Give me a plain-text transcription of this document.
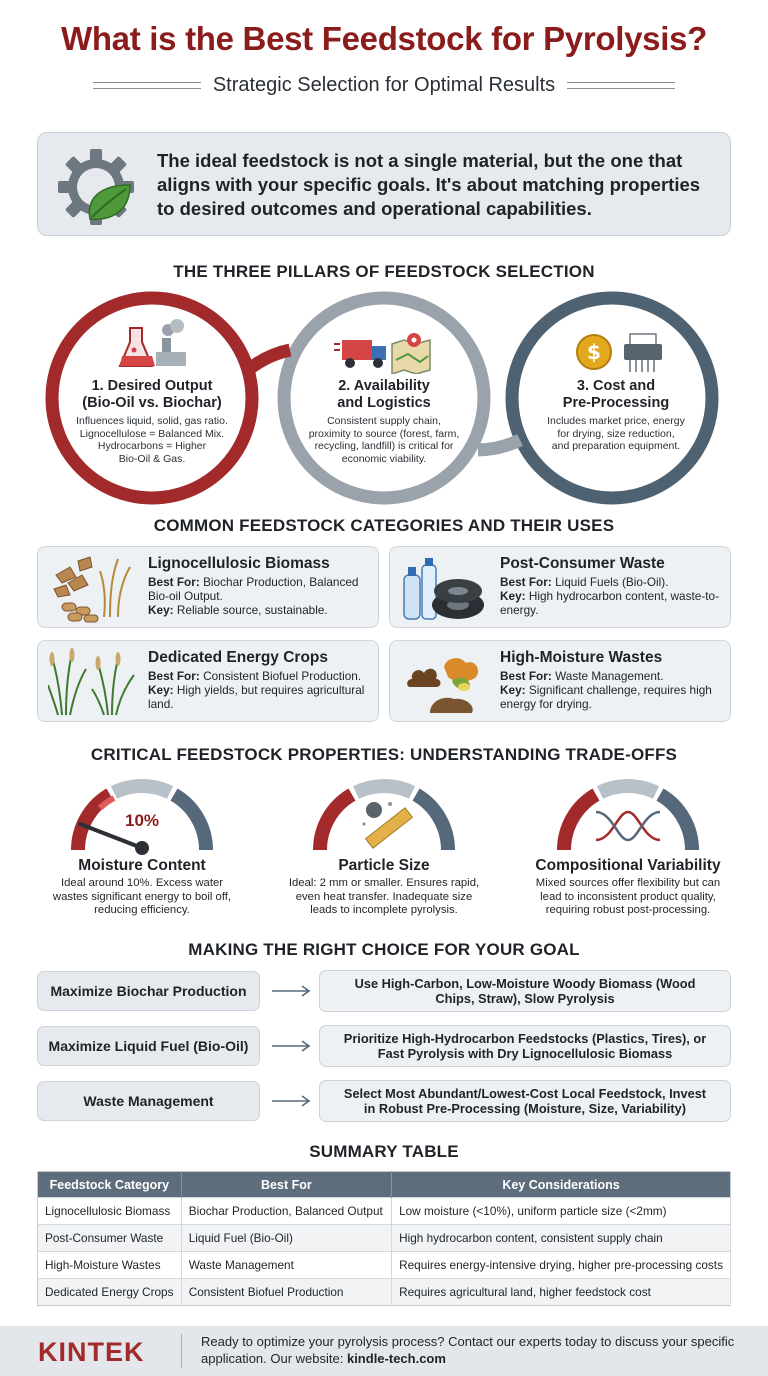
What is the Best Feedstock for Pyrolysis?
Strategic Selection for Optimal Results
The ideal feedstock is not a single material, but the one that aligns with your specific goals. It's about matching properties to desired outcomes and operational capabilities.
THE THREE PILLARS OF FEEDSTOCK SELECTION
$
1. Desired Output
(Bio-Oil vs. Biochar)
Influences liquid, solid, gas ratio.
Lignocellulose = Balanced Mix.
Hydrocarbons = Higher
Bio-Oil & Gas.
2. Availability
and Logistics
Consistent supply chain,
proximity to source (forest, farm,
recycling, landfill) is critical for
economic viability.
3. Cost and
Pre-Processing
Includes market price, energy
for drying, size reduction,
and preparation equipment.
COMMON FEEDSTOCK CATEGORIES AND THEIR USES
Lignocellulosic Biomass
Best For: Biochar Production, Balanced Bio-oil Output.
Key: Reliable source, sustainable.
Post-Consumer Waste
Best For: Liquid Fuels (Bio-Oil).
Key: High hydrocarbon content, waste-to-energy.
Dedicated Energy Crops
Best For: Consistent Biofuel Production.
Key: High yields, but requires agricultural land.
High-Moisture Wastes
Best For: Waste Management.
Key: Significant challenge, requires high energy for drying.
CRITICAL FEEDSTOCK PROPERTIES: UNDERSTANDING TRADE-OFFS
10%
Moisture Content
Ideal around 10%. Excess water
wastes significant energy to boil off,
reducing efficiency.
Particle Size
Ideal: 2 mm or smaller. Ensures rapid,
even heat transfer. Inadequate size
leads to incomplete pyrolysis.
Compositional Variability
Mixed sources offer flexibility but can
lead to inconsistent product quality,
requiring robust post-processing.
MAKING THE RIGHT CHOICE FOR YOUR GOAL
Maximize Biochar Production	Use High-Carbon, Low-Moisture Woody Biomass (Wood
Chips, Straw), Slow Pyrolysis
Maximize Liquid Fuel (Bio-Oil)	Prioritize High-Hydrocarbon Feedstocks (Plastics, Tires), or
Fast Pyrolysis with Dry Lignocellulosic Biomass
Waste Management	Select Most Abundant/Lowest-Cost Local Feedstock, Invest
in Robust Pre-Processing (Moisture, Size, Variability)
SUMMARY TABLE
Feedstock Category	Best For	Key Considerations
Lignocellulosic Biomass	Biochar Production, Balanced Output	Low moisture (<10%), uniform particle size (<2mm)
Post-Consumer Waste	Liquid Fuel (Bio-Oil)	High hydrocarbon content, consistent supply chain
High-Moisture Wastes	Waste Management	Requires energy-intensive drying, higher pre-processing costs
Dedicated Energy Crops	Consistent Biofuel Production	Requires agricultural land, higher feedstock cost
KINTEK	Ready to optimize your pyrolysis process? Contact our experts today to discuss your specific application. Our website: kindle-tech.com
